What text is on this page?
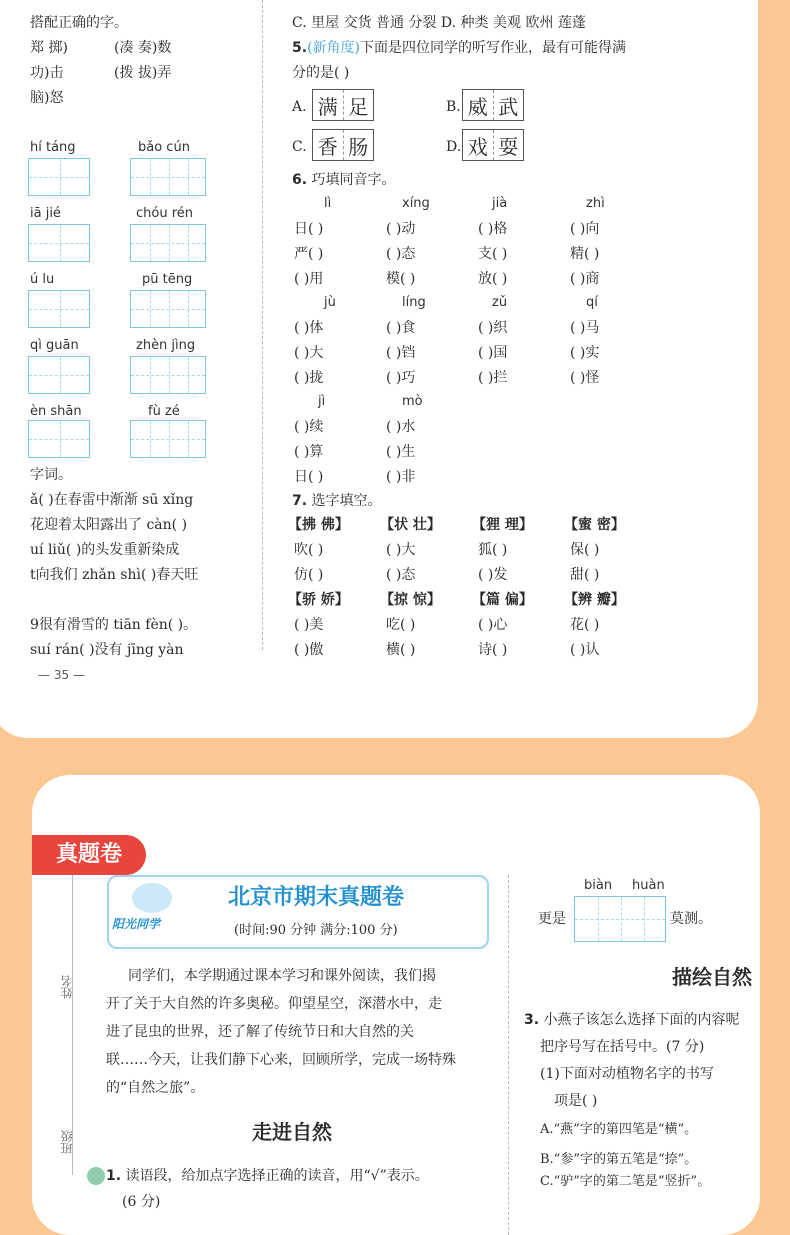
搭配正确的字。
郑 掷)	(凑 奏)数
功)击	(拨 拔)弄
脑)怒
hí táng	bǎo cún
iā jié	chóu rén
ú lu	pū tēng
qì guān	zhèn jìng
èn shān	fù zé
字词。
ǎ( )在春雷中渐渐 sū xǐng
花迎着太阳露出了 càn( )
uí liǔ( )的头发重新染成
t向我们 zhǎn shì( )春天旺
9很有滑雪的 tiān fèn( )。
suí rán( )没有 jīng yàn
— 35 —
C. 里屋 交货 普通 分裂 D. 种类 美观 欧州 莲蓬
5.(新角度)下面是四位同学的听写作业，最有可能得满
分的是( )
A. 满 足	B. 威 武
C. 香 肠	D. 戏 耍
6. 巧填同音字。
lì	xíng	jià	zhì
日( )	( )动	( )格	( )向
严( )	( )态	支( )	精( )
( )用	模( )	放( )	( )商
jù	líng	zǔ	qí
( )体	( )食	( )织	( )马
( )大	( )铛	( )国	( )实
( )拢	( )巧	( )拦	( )怪
jì	mò
( )续	( )水
( )算	( )生
日( )	( )非
7. 选字填空。
【拂 佛】 【状 壮】 【狸 理】 【蜜 密】
吹( )	( )大	狐( )	保( )
仿( )	( )态	( )发	甜( )
【骄 娇】 【掠 惊】 【篇 偏】 【辨 瓣】
( )美	吃( )	( )心	花( )
( )傲	横( )	诗( )	( )认
姓名
班级
阳光同学
北京市期末真题卷
(时间:90 分钟 满分:100 分)
同学们，本学期通过课本学习和课外阅读，我们揭
开了关于大自然的许多奥秘。仰望星空，深潜水中，走
进了昆虫的世界，还了解了传统节日和大自然的关
联……今天，让我们静下心来，回顾所学，完成一场特殊
的“自然之旅”。
走进自然
1. 读语段，给加点字选择正确的读音，用“√”表示。
(6 分)
biàn huàn
更是	莫测。
描绘自然
3. 小燕子该怎么选择下面的内容呢
把序号写在括号中。(7 分)
(1)下面对动植物名字的书写
项是( )
A.“燕”字的第四笔是“横”。
B.“参”字的第五笔是“捺”。
C.“驴”字的第二笔是“竖折”。
真题卷
